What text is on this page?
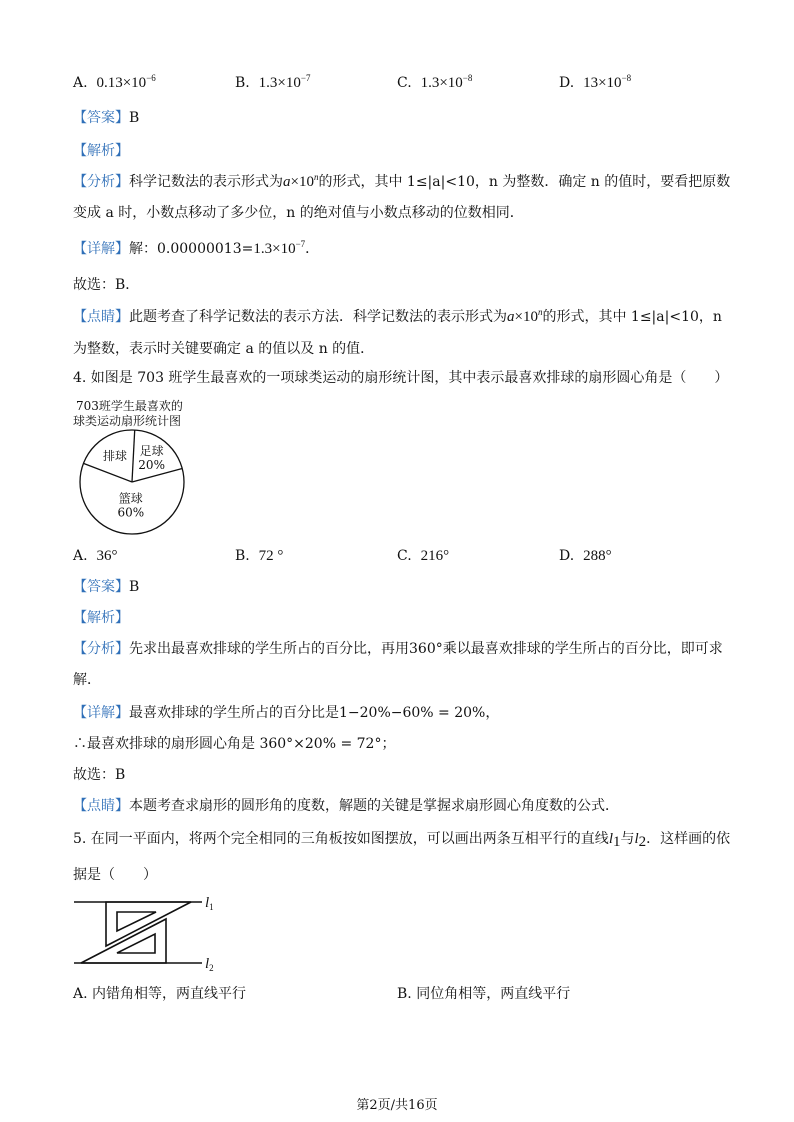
A. $0.13\times 10^{-6}$	B. $1.3\times 10^{-7}$	C. $1.3\times 10^{-8}$	D. $13\times 10^{-8}$
【答案】B
【解析】
【分析】科学记数法的表示形式为$a\times 10^n$的形式，其中 1≤|a|<10，n 为整数．确定 n 的值时，要看把原数
变成 a 时，小数点移动了多少位，n 的绝对值与小数点移动的位数相同．
【详解】解：$0.00000013=1.3\times 10^{-7}$．
故选：B．
【点睛】此题考查了科学记数法的表示方法．科学记数法的表示形式为$a\times 10^n$的形式，其中 1≤|a|<10，n
为整数，表示时关键要确定 a 的值以及 n 的值．
4. 如图是 703 班学生最喜欢的一项球类运动的扇形统计图，其中表示最喜欢排球的扇形圆心角是（　　）
703班学生最喜欢的
球类运动扇形统计图
足球
20%
篮球
60%
排球
A. 36°	B. 72 °	C. 216°	D. 288°
【答案】B
【解析】
【分析】先求出最喜欢排球的学生所占的百分比，再用360°乘以最喜欢排球的学生所占的百分比，即可求
解．
【详解】最喜欢排球的学生所占的百分比是1−20%−60% = 20%，
∴最喜欢排球的扇形圆心角是 360°×20% = 72°；
故选：B
【点睛】本题考查求扇形的圆形角的度数，解题的关键是掌握求扇形圆心角度数的公式．
5. 在同一平面内，将两个完全相同的三角板按如图摆放，可以画出两条互相平行的直线$l_1$与$l_2$．这样画的依
据是（　　）
$l_1$
$l_2$
A. 内错角相等，两直线平行	B. 同位角相等，两直线平行
第2页/共16页
